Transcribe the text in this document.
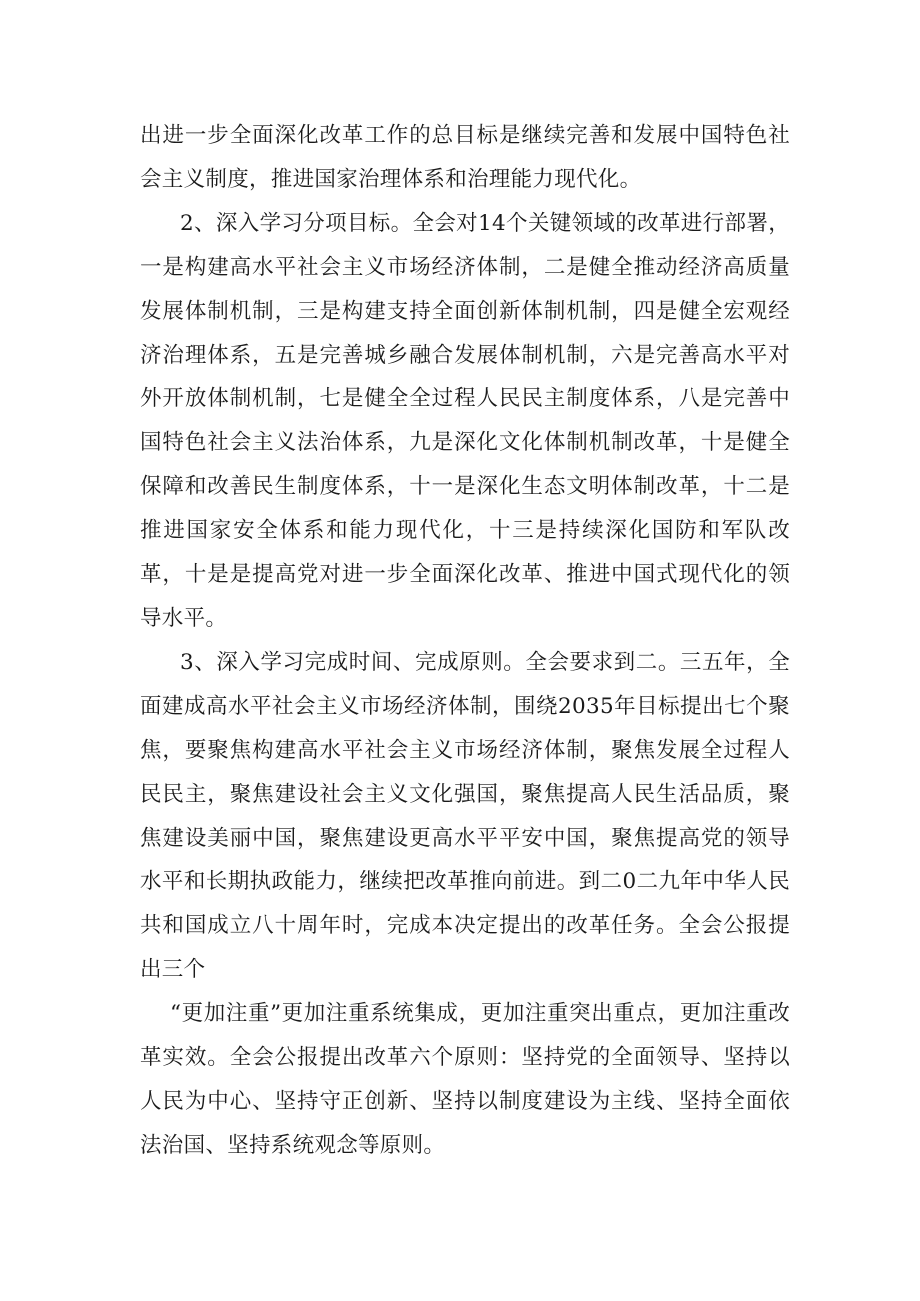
出进一步全面深化改革工作的总目标是继续完善和发展中国特色社会主义制度，推进国家治理体系和治理能力现代化。

2、深入学习分项目标。全会对14个关键领域的改革进行部署，一是构建高水平社会主义市场经济体制，二是健全推动经济高质量发展体制机制，三是构建支持全面创新体制机制，四是健全宏观经济治理体系，五是完善城乡融合发展体制机制，六是完善高水平对外开放体制机制，七是健全全过程人民民主制度体系，八是完善中国特色社会主义法治体系，九是深化文化体制机制改革，十是健全保障和改善民生制度体系，十一是深化生态文明体制改革，十二是推进国家安全体系和能力现代化，十三是持续深化国防和军队改革，十是是提高党对进一步全面深化改革、推进中国式现代化的领导水平。

3、深入学习完成时间、完成原则。全会要求到二。三五年，全面建成高水平社会主义市场经济体制，围绕2035年目标提出七个聚焦，要聚焦构建高水平社会主义市场经济体制，聚焦发展全过程人民民主，聚焦建设社会主义文化强国，聚焦提高人民生活品质，聚焦建设美丽中国，聚焦建设更高水平平安中国，聚焦提高党的领导水平和长期执政能力，继续把改革推向前进。到二0二九年中华人民共和国成立八十周年时，完成本决定提出的改革任务。全会公报提出三个

“更加注重”更加注重系统集成，更加注重突出重点，更加注重改革实效。全会公报提出改革六个原则：坚持党的全面领导、坚持以人民为中心、坚持守正创新、坚持以制度建设为主线、坚持全面依法治国、坚持系统观念等原则。
